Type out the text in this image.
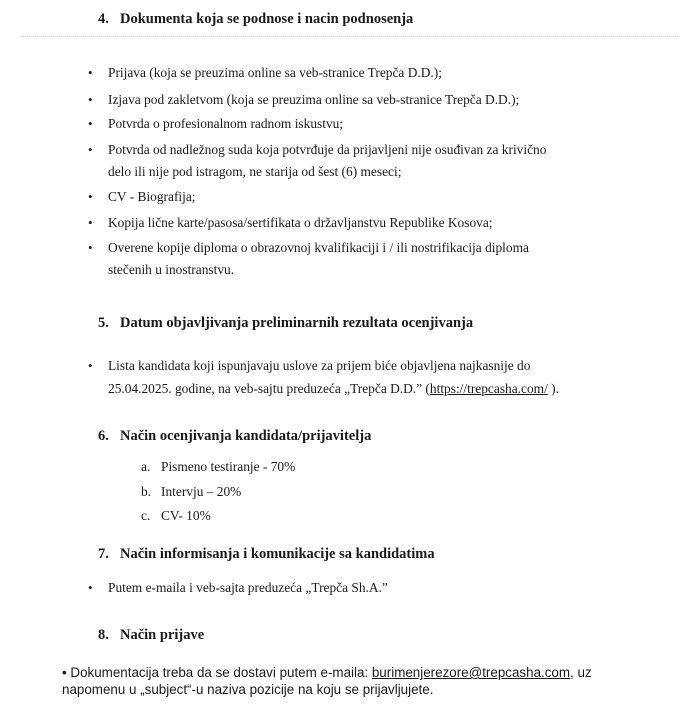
4. Dokumenta koja se podnose i nacin podnosenja
• Prijava (koja se preuzima online sa veb-stranice Trepča D.D.);
• Izjava pod zakletvom (koja se preuzima online sa veb-stranice Trepča D.D.);
• Potvrda o profesionalnom radnom iskustvu;
• Potvrda od nadležnog suda koja potvrđuje da prijavljeni nije osuđivan za krivično
delo ili nije pod istragom, ne starija od šest (6) meseci;
• CV - Biografija;
• Kopija lične karte/pasosa/sertifikata o državljanstvu Republike Kosova;
• Overene kopije diploma o obrazovnoj kvalifikaciji i / ili nostrifikacija diploma
stečenih u inostranstvu.
5. Datum objavljivanja preliminarnih rezultata ocenjivanja
• Lista kandidata koji ispunjavaju uslove za prijem biće objavljena najkasnije do
25.04.2025. godine, na veb-sajtu preduzeća „Trepča D.D.” (https://trepcasha.com/ ).
6. Način ocenjivanja kandidata/prijavitelja
a. Pismeno testiranje - 70%
b. Intervju – 20%
c. CV- 10%
7. Način informisanja i komunikacije sa kandidatima
• Putem e-maila i veb-sajta preduzeća „Trepča Sh.A.”
8. Način prijave
• Dokumentacija treba da se dostavi putem e-maila: burimenjerezore@trepcasha.com, uz
napomenu u „subject“-u naziva pozicije na koju se prijavljujete.
